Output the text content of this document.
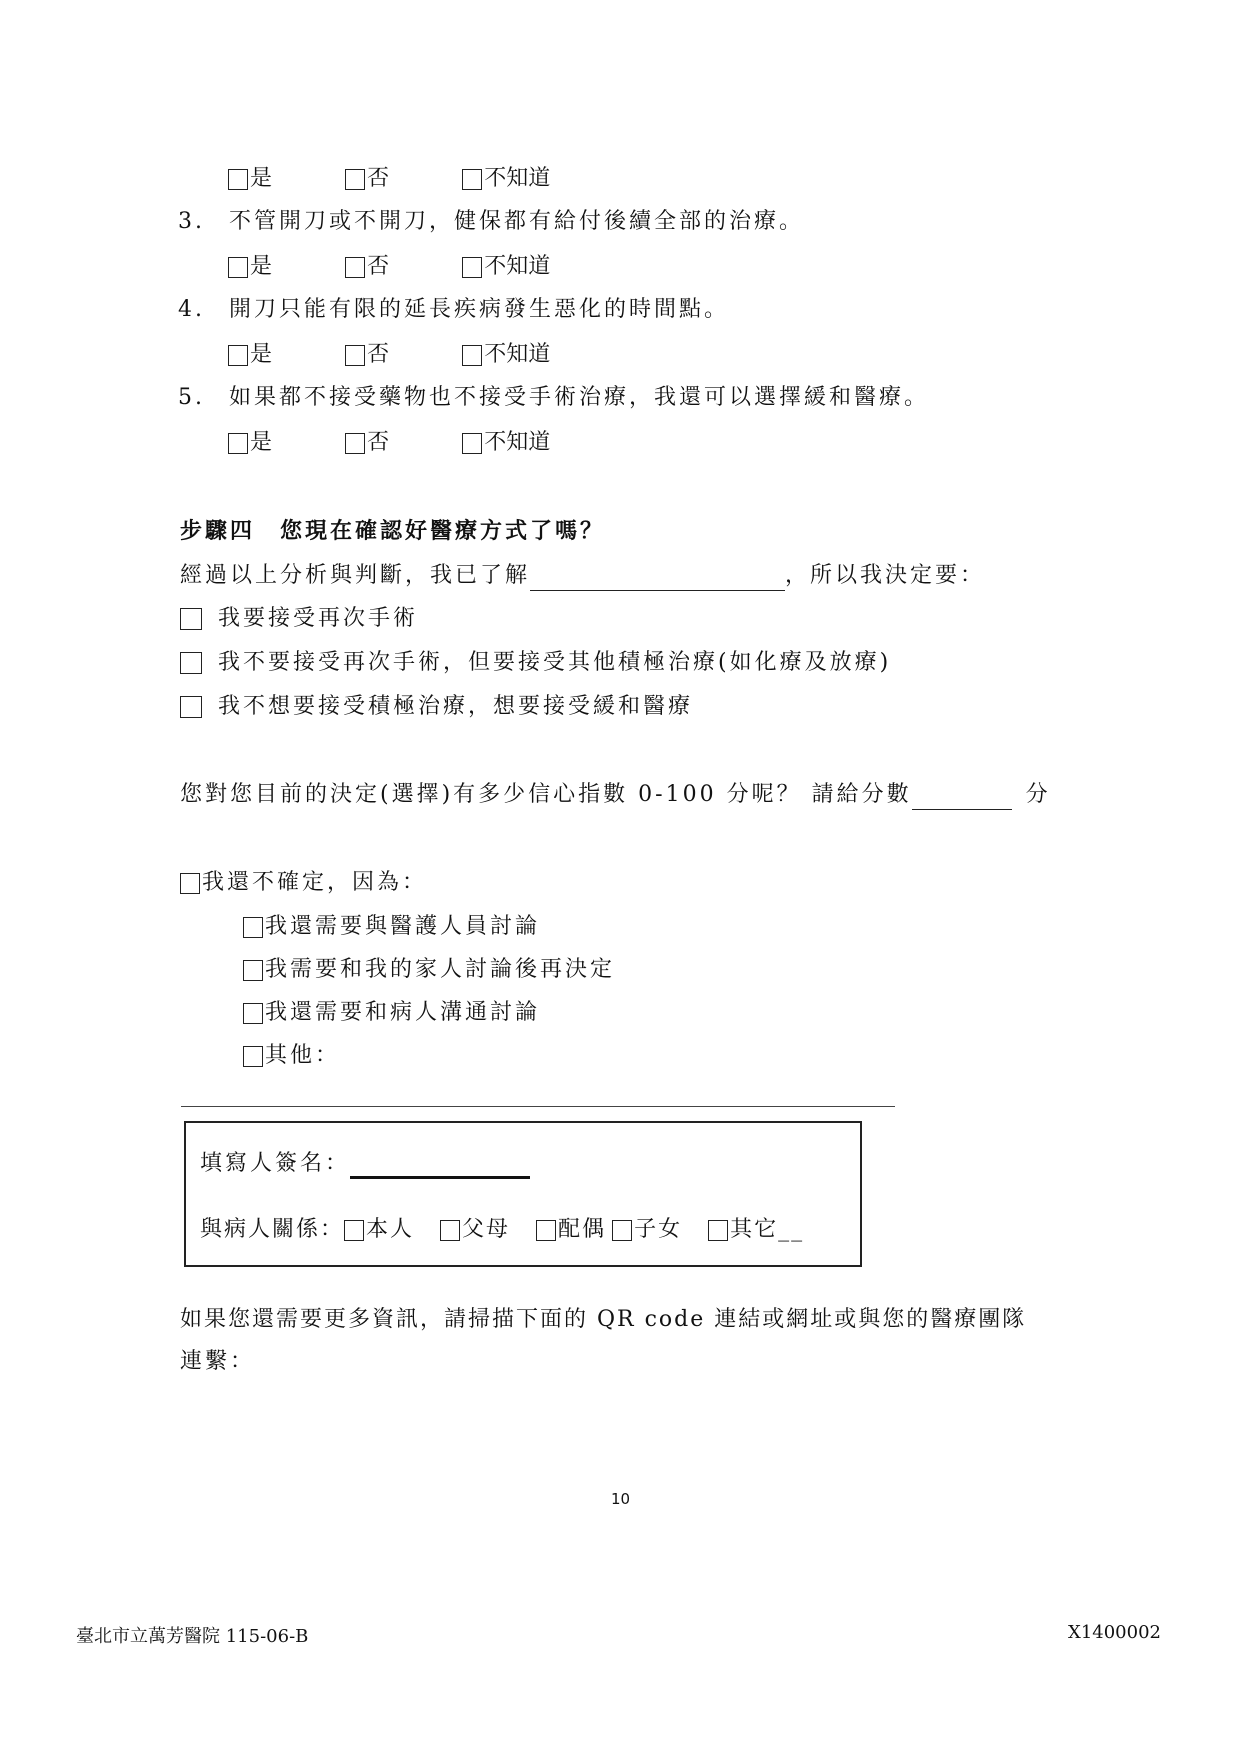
是
	否
	不知道
3. 不管開刀或不開刀，健保都有給付後續全部的治療。
是
	否
	不知道
4. 開刀只能有限的延長疾病發生惡化的時間點。
是
	否
	不知道
5. 如果都不接受藥物也不接受手術治療，我還可以選擇緩和醫療。
是
	否
	不知道
步驟四　您現在確認好醫療方式了嗎？
經過以上分析與判斷，我已了解	，所以我決定要：
我要接受再次手術
我不要接受再次手術，但要接受其他積極治療(如化療及放療)
我不想要接受積極治療，想要接受緩和醫療
您對您目前的決定(選擇)有多少信心指數 0-100 分呢？ 請給分數	分
我還不確定，因為：
我還需要與醫護人員討論
我需要和我的家人討論後再決定
我還需要和病人溝通討論
其他：
填寫人簽名：
與病人關係： 本人 父母 配偶 子女 其它__
如果您還需要更多資訊，請掃描下面的 QR code 連結或網址或與您的醫療團隊
連繫：
10
臺北市立萬芳醫院 115-06-B	X1400002
